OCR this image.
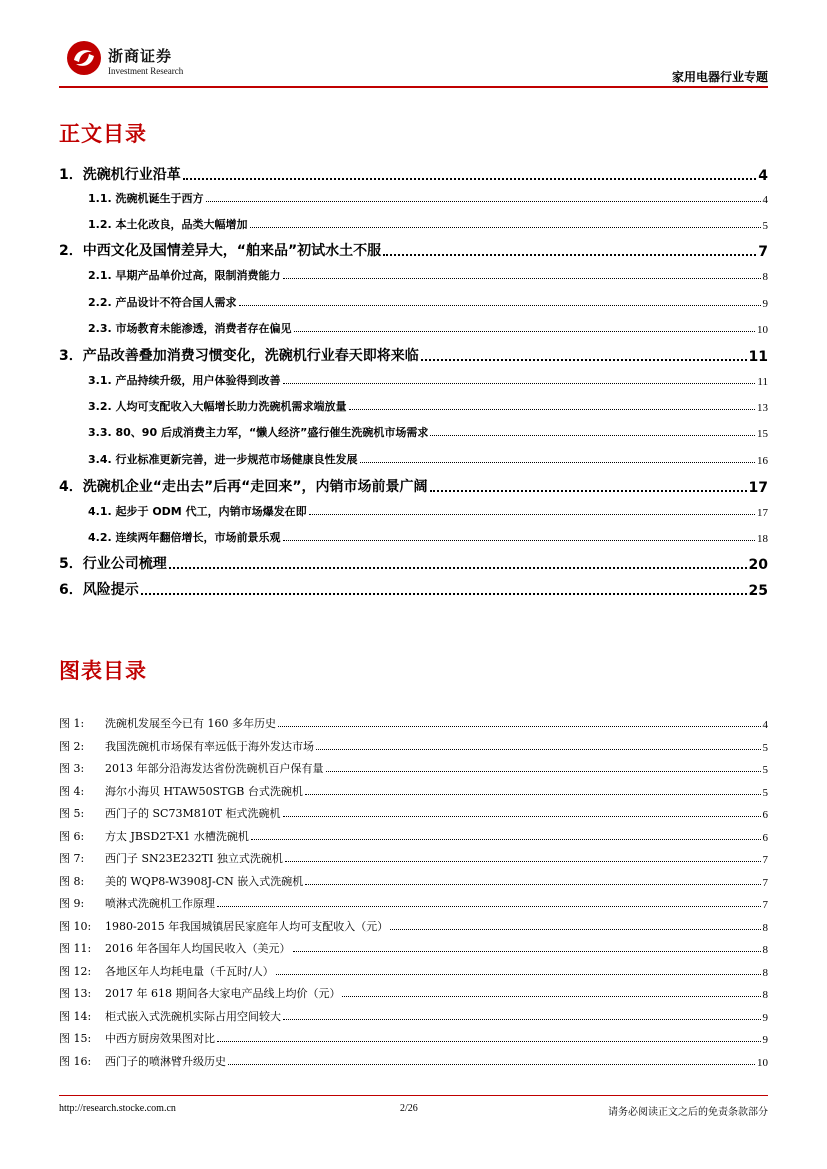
浙商证券
Investment Research	家用电器行业专题
正文目录
1．洗碗机行业沿革	4
1.1. 洗碗机诞生于西方	4
1.2. 本土化改良，品类大幅增加	5
2．中西文化及国情差异大，“舶来品”初试水土不服	7
2.1. 早期产品单价过高，限制消费能力	8
2.2. 产品设计不符合国人需求	9
2.3. 市场教育未能渗透，消费者存在偏见	10
3．产品改善叠加消费习惯变化，洗碗机行业春天即将来临	11
3.1. 产品持续升级，用户体验得到改善	11
3.2. 人均可支配收入大幅增长助力洗碗机需求端放量	13
3.3. 80、90 后成消费主力军，“懒人经济”盛行催生洗碗机市场需求	15
3.4. 行业标准更新完善，进一步规范市场健康良性发展	16
4．洗碗机企业“走出去”后再“走回来”，内销市场前景广阔	17
4.1. 起步于 ODM 代工，内销市场爆发在即	17
4.2. 连续两年翻倍增长，市场前景乐观	18
5．行业公司梳理	20
6．风险提示	25
图表目录
图 1:	洗碗机发展至今已有 160 多年历史	4
图 2:	我国洗碗机市场保有率远低于海外发达市场	5
图 3:	2013 年部分沿海发达省份洗碗机百户保有量	5
图 4:	海尔小海贝 HTAW50STGB 台式洗碗机	5
图 5:	西门子的 SC73M810T 柜式洗碗机	6
图 6:	方太 JBSD2T-X1 水槽洗碗机	6
图 7:	西门子 SN23E232TI 独立式洗碗机	7
图 8:	美的 WQP8-W3908J-CN 嵌入式洗碗机	7
图 9:	喷淋式洗碗机工作原理	7
图 10:	1980-2015 年我国城镇居民家庭年人均可支配收入（元）	8
图 11:	2016 年各国年人均国民收入（美元）	8
图 12:	各地区年人均耗电量（千瓦时/人）	8
图 13:	2017 年 618 期间各大家电产品线上均价（元）	8
图 14:	柜式嵌入式洗碗机实际占用空间较大	9
图 15:	中西方厨房效果图对比	9
图 16:	西门子的喷淋臂升级历史	10
http://research.stocke.com.cn	2/26	请务必阅读正文之后的免责条款部分
